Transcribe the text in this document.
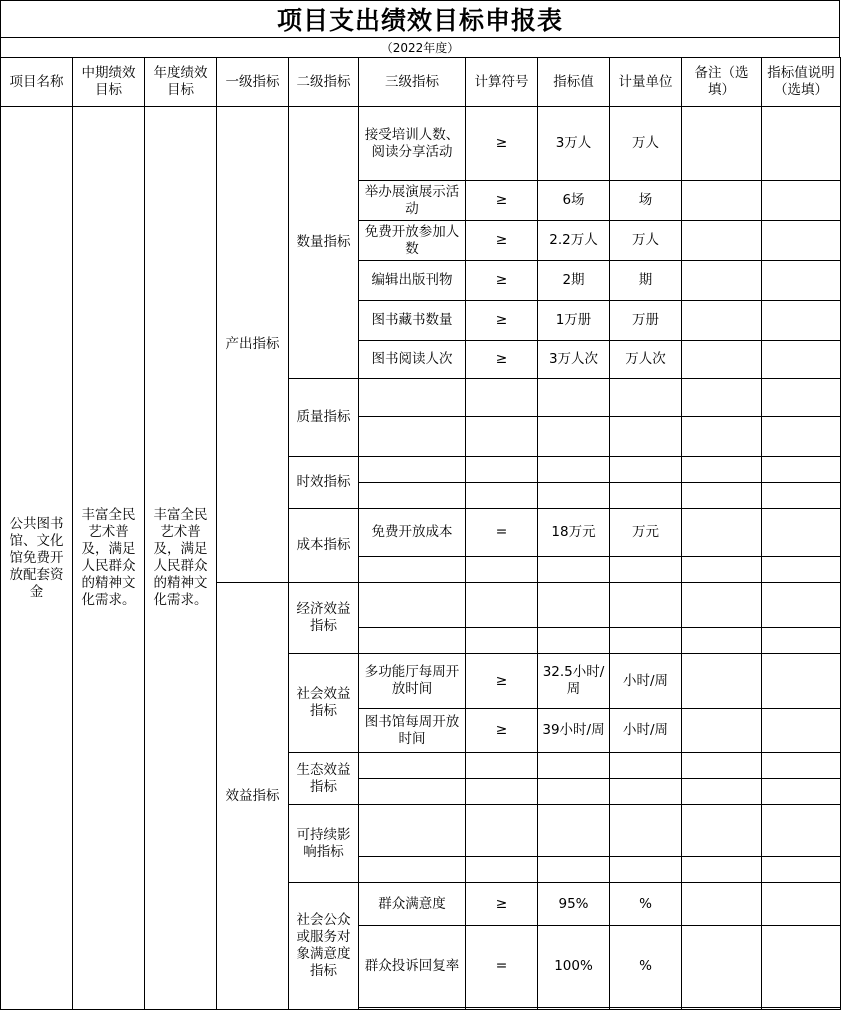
项目支出绩效目标申报表
（2022年度）
项目名称	中期绩效目标	年度绩效目标	一级指标	二级指标	三级指标	计算符号	指标值	计量单位	备注（选填）	指标值说明（选填）
公共图书馆、文化馆免费开放配套资金	丰富全民艺术普及，满足人民群众的精神文化需求。	丰富全民艺术普及，满足人民群众的精神文化需求。	产出指标	数量指标	接受培训人数、阅读分享活动	≥	3万人	万人		
					举办展演展示活动	≥	6场	场		
					免费开放参加人数	≥	2.2万人	万人		
					编辑出版刊物	≥	2期	期		
					图书藏书数量	≥	1万册	万册		
					图书阅读人次	≥	3万人次	万人次		
				质量指标						

				时效指标						

				成本指标	免费开放成本	=	18万元	万元		

			效益指标	经济效益指标						

				社会效益指标	多功能厅每周开放时间	≥	32.5小时/周	小时/周		
					图书馆每周开放时间	≥	39小时/周	小时/周		
				生态效益指标						

				可持续影响指标						

				社会公众或服务对象满意度指标	群众满意度	≥	95%	%		
					群众投诉回复率	=	100%	%		
